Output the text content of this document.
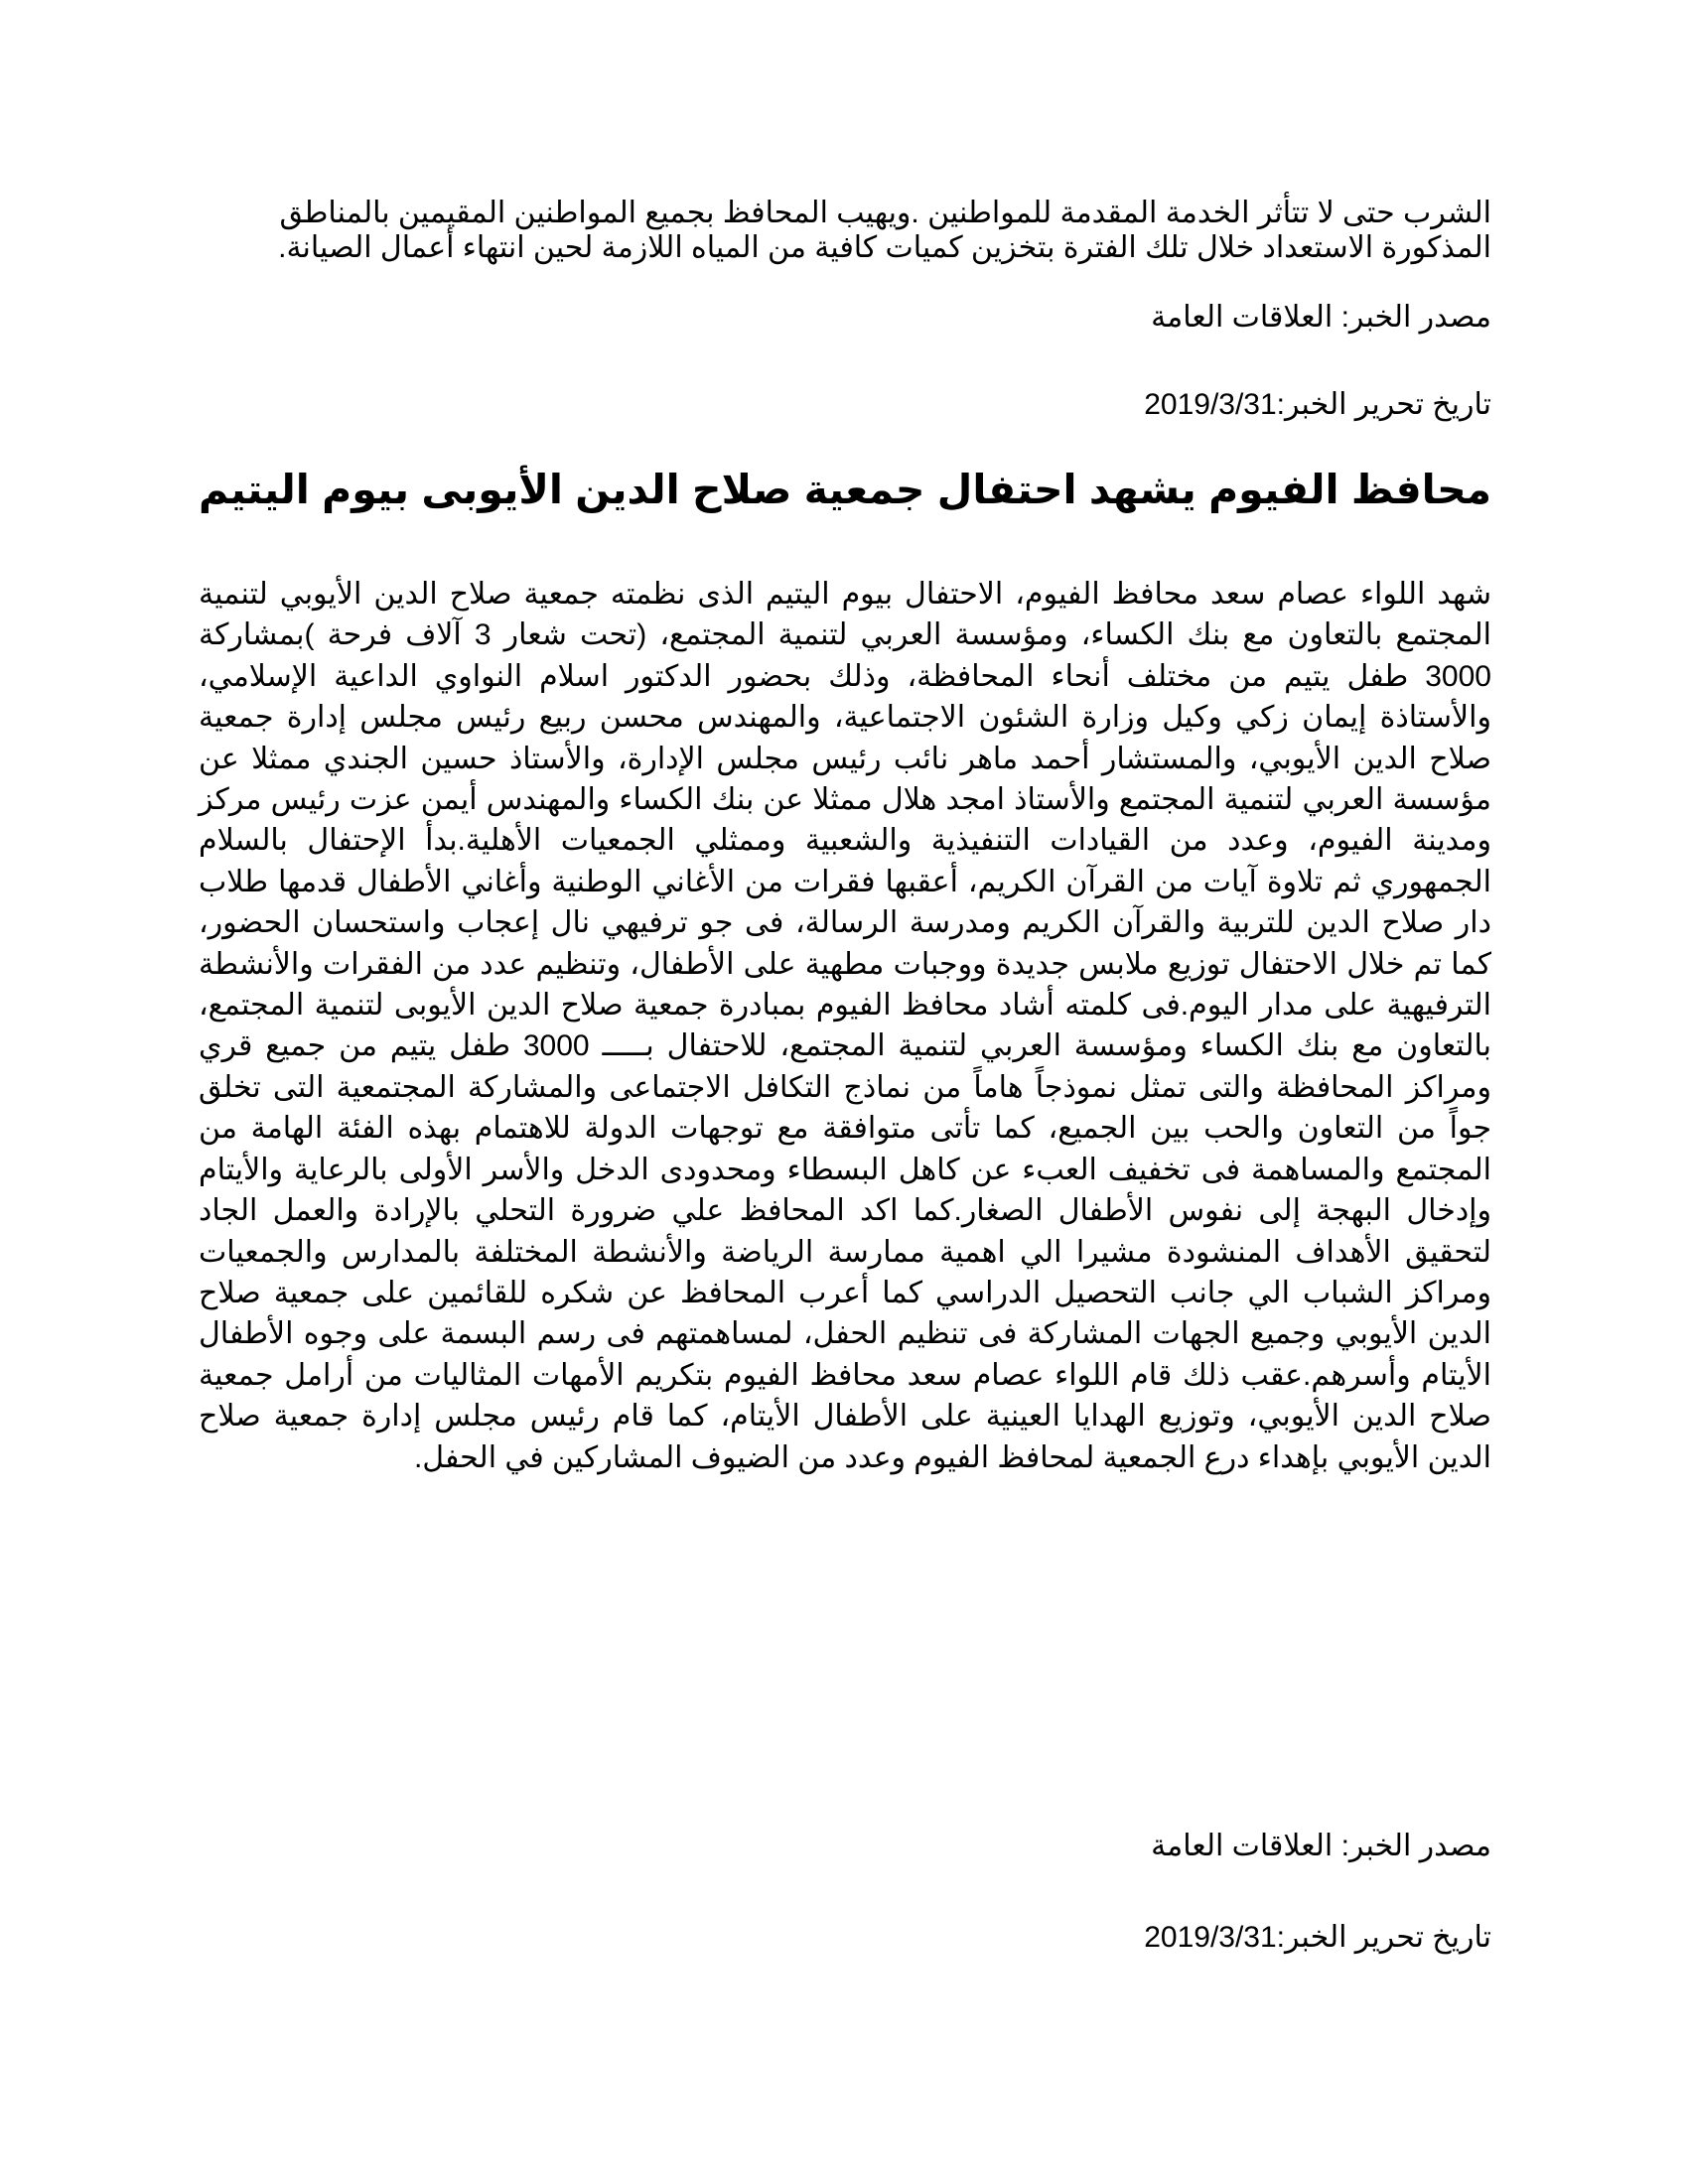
الشرب حتى لا تتأثر الخدمة المقدمة للمواطنين .ويهيب المحافظ بجميع المواطنين المقيمين بالمناطق

المذكورة الاستعداد خلال تلك الفترة بتخزين كميات كافية من المياه اللازمة لحين انتهاء أعمال الصيانة.

مصدر الخبر: العلاقات العامة
تاريخ تحرير الخبر:2019/3/31
محافظ الفيوم يشهد احتفال جمعية صلاح الدين الأيوبى بيوم اليتيم

شهد اللواء عصام سعد محافظ الفيوم، الاحتفال بيوم اليتيم الذى نظمته جمعية صلاح الدين الأيوبي لتنمية المجتمع بالتعاون مع بنك الكساء، ومؤسسة العربي لتنمية المجتمع، (تحت شعار 3 آلاف فرحة )بمشاركة 3000 طفل يتيم من مختلف أنحاء المحافظة، وذلك بحضور الدكتور اسلام النواوي الداعية الإسلامي، والأستاذة إيمان زكي وكيل وزارة الشئون الاجتماعية، والمهندس محسن ربيع رئيس مجلس إدارة جمعية صلاح الدين الأيوبي، والمستشار أحمد ماهر نائب رئيس مجلس الإدارة، والأستاذ حسين الجندي ممثلا عن مؤسسة العربي لتنمية المجتمع والأستاذ امجد هلال ممثلا عن بنك الكساء والمهندس أيمن عزت رئيس مركز ومدينة الفيوم، وعدد من القيادات التنفيذية والشعبية وممثلي الجمعيات الأهلية.بدأ الإحتفال بالسلام الجمهوري ثم تلاوة آيات من القرآن الكريم، أعقبها فقرات من الأغاني الوطنية وأغاني الأطفال قدمها طلاب دار صلاح الدين للتربية والقرآن الكريم ومدرسة الرسالة، فى جو ترفيهي نال إعجاب واستحسان الحضور، كما تم خلال الاحتفال توزيع ملابس جديدة ووجبات مطهية على الأطفال، وتنظيم عدد من الفقرات والأنشطة الترفيهية على مدار اليوم.فى كلمته أشاد محافظ الفيوم بمبادرة جمعية صلاح الدين الأيوبى لتنمية المجتمع، بالتعاون مع بنك الكساء ومؤسسة العربي لتنمية المجتمع، للاحتفال بـــــ 3000 طفل يتيم من جميع قري ومراكز المحافظة والتى تمثل نموذجاً هاماً من نماذج التكافل الاجتماعى والمشاركة المجتمعية التى تخلق جواً من التعاون والحب بين الجميع، كما تأتى متوافقة مع توجهات الدولة للاهتمام بهذه الفئة الهامة من المجتمع والمساهمة فى تخفيف العبء عن كاهل البسطاء ومحدودى الدخل والأسر الأولى بالرعاية والأيتام وإدخال البهجة إلى نفوس الأطفال الصغار.كما اكد المحافظ علي ضرورة التحلي بالإرادة والعمل الجاد لتحقيق الأهداف المنشودة مشيرا الي اهمية ممارسة الرياضة والأنشطة المختلفة بالمدارس والجمعيات ومراكز الشباب الي جانب التحصيل الدراسي كما أعرب المحافظ عن شكره للقائمين على جمعية صلاح الدين الأيوبي وجميع الجهات المشاركة فى تنظيم الحفل، لمساهمتهم فى رسم البسمة على وجوه الأطفال الأيتام وأسرهم.عقب ذلك قام اللواء عصام سعد محافظ الفيوم بتكريم الأمهات المثاليات من أرامل جمعية صلاح الدين الأيوبي، وتوزيع الهدايا العينية على الأطفال الأيتام، كما قام رئيس مجلس إدارة جمعية صلاح الدين الأيوبي بإهداء درع الجمعية لمحافظ الفيوم وعدد من الضيوف المشاركين في الحفل.

مصدر الخبر: العلاقات العامة
تاريخ تحرير الخبر:2019/3/31
